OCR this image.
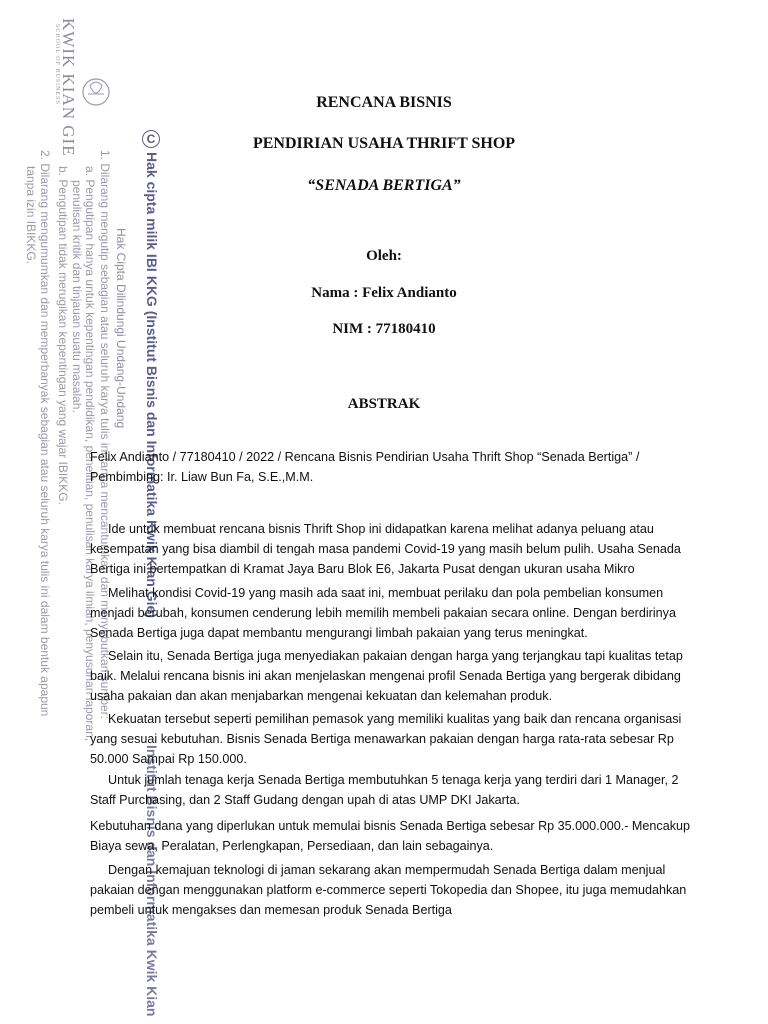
KWIK KIAN GIE
SCHOOL OF BUSINESS
CHak cipta milik IBI KKG (Institut Bisnis dan Informatika Kwik Kian Gie)
Hak Cipta Dilindungi Undang-Undang
1. Dilarang mengutip sebagian atau seluruh karya tulis ini tanpa mencantumkan dan menyebutkan sumber:
a. Pengutipan hanya untuk kepentingan pendidikan, penelitian, penulisan karya ilmiah, penyusunan laporan,
penulisan kritik dan tinjauan suatu masalah.
b. Pengutipan tidak merugikan kepentingan yang wajar IBIKKG.
2. Dilarang mengumumkan dan memperbanyak sebagian atau seluruh karya tulis ini dalam bentuk apapun
tanpa izin IBIKKG.
Institut Bisnis dan Informatika Kwik Kian
RENCANA BISNIS
PENDIRIAN USAHA THRIFT SHOP
“SENADA BERTIGA”
Oleh:
Nama : Felix Andianto
NIM : 77180410
ABSTRAK

Felix Andianto / 77180410 / 2022 / Rencana Bisnis Pendirian Usaha Thrift Shop “Senada Bertiga” / Pembimbing: Ir. Liaw Bun Fa, S.E.,M.M.

Ide untuk membuat rencana bisnis Thrift Shop ini didapatkan karena melihat adanya peluang atau kesempatan yang bisa diambil di tengah masa pandemi Covid-19 yang masih belum pulih. Usaha Senada Bertiga ini bertempatkan di Kramat Jaya Baru Blok E6, Jakarta Pusat dengan ukuran usaha Mikro

Melihat kondisi Covid-19 yang masih ada saat ini, membuat perilaku dan pola pembelian konsumen menjadi berubah, konsumen cenderung lebih memilih membeli pakaian secara online. Dengan berdirinya Senada Bertiga juga dapat membantu mengurangi limbah pakaian yang terus meningkat.

Selain itu, Senada Bertiga juga menyediakan pakaian dengan harga yang terjangkau tapi kualitas tetap baik. Melalui rencana bisnis ini akan menjelaskan mengenai profil Senada Bertiga yang bergerak dibidang usaha pakaian dan akan menjabarkan mengenai kekuatan dan kelemahan produk.

Kekuatan tersebut seperti pemilihan pemasok yang memiliki kualitas yang baik dan rencana organisasi yang sesuai kebutuhan. Bisnis Senada Bertiga menawarkan pakaian dengan harga rata-rata sebesar Rp 50.000 Sampai Rp 150.000.

Untuk jumlah tenaga kerja Senada Bertiga membutuhkan 5 tenaga kerja yang terdiri dari 1 Manager, 2 Staff Purchasing, dan 2 Staff Gudang dengan upah di atas UMP DKI Jakarta.

Kebutuhan dana yang diperlukan untuk memulai bisnis Senada Bertiga sebesar Rp 35.000.000.- Mencakup Biaya sewa, Peralatan, Perlengkapan, Persediaan, dan lain sebagainya.

Dengan kemajuan teknologi di jaman sekarang akan mempermudah Senada Bertiga dalam menjual pakaian dengan menggunakan platform e-commerce seperti Tokopedia dan Shopee, itu juga memudahkan pembeli untuk mengakses dan memesan produk Senada Bertiga
